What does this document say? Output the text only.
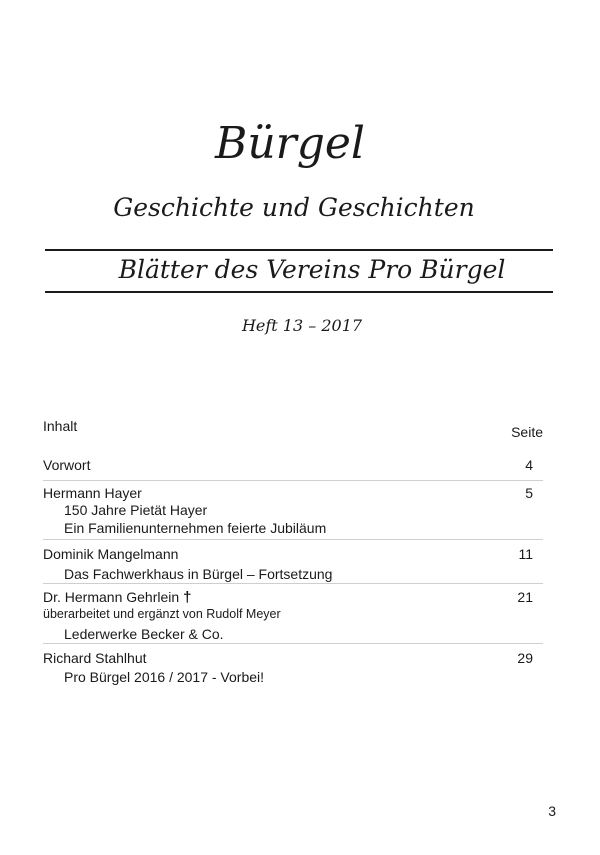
Bürgel
Geschichte und Geschichten
Blätter des Vereins Pro Bürgel
Heft 13 – 2017
Inhalt	Seite
Vorwort	4
Hermann Hayer	5
150 Jahre Pietät Hayer
Ein Familienunternehmen feierte Jubiläum
Dominik Mangelmann	11
Das Fachwerkhaus in Bürgel – Fortsetzung
Dr. Hermann Gehrlein †	21
überarbeitet und ergänzt von Rudolf Meyer
Lederwerke Becker & Co.
Richard Stahlhut	29
Pro Bürgel 2016 / 2017 - Vorbei!
3
